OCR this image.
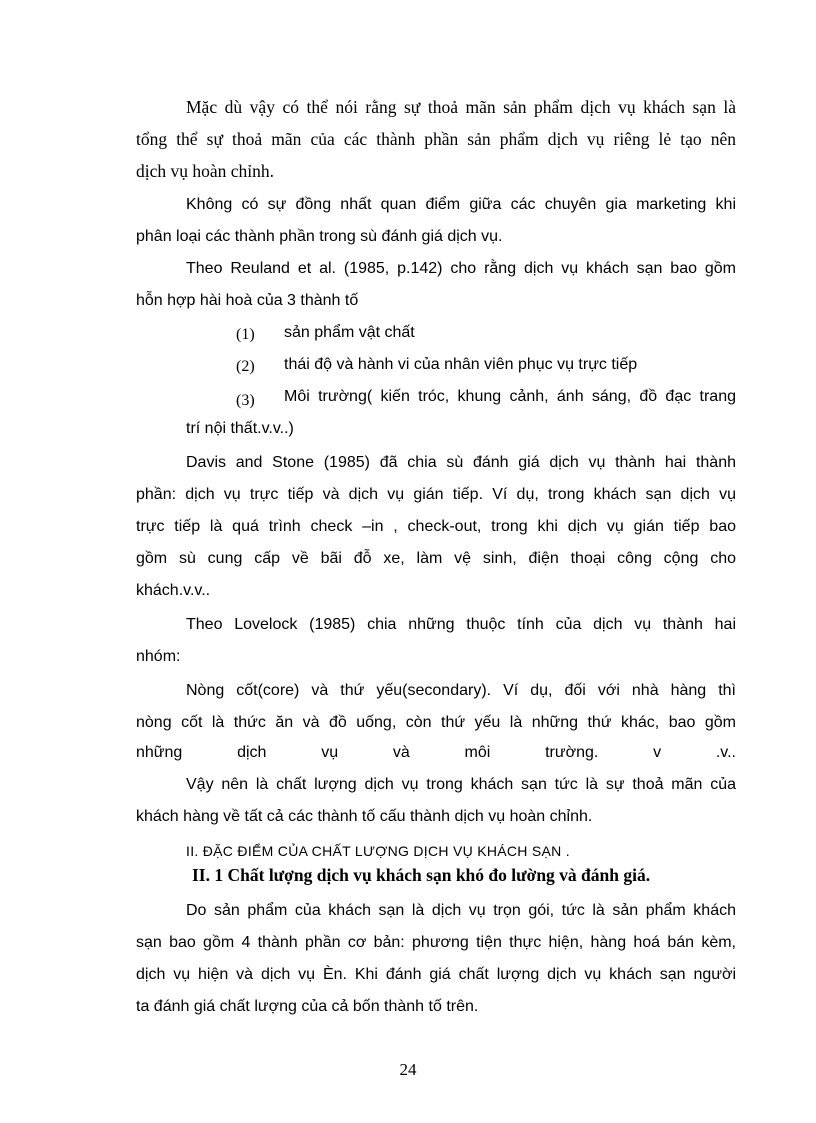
Mặc dù vậy có thể nói rằng sự thoả mãn sản phẩm dịch vụ khách sạn là
tổng thể sự thoả mãn của các thành phần sản phẩm dịch vụ riêng lẻ tạo nên
dịch vụ hoàn chỉnh.
Không có sự đồng nhất quan điểm giữa các chuyên gia marketing khi
phân loại các thành phần trong sù đánh giá dịch vụ.
Theo Reuland et al. (1985, p.142) cho rằng dịch vụ khách sạn bao gồm
hỗn hợp hài hoà của 3 thành tố
(1) sản phẩm vật chất
(2) thái độ và hành vi của nhân viên phục vụ trực tiếp
(3) Môi trường( kiến tróc, khung cảnh, ánh sáng, đồ đạc trang
trí nội thất.v.v..)
Davis and Stone (1985) đã chia sù đánh giá dịch vụ thành hai thành
phần: dịch vụ trực tiếp và dịch vụ gián tiếp. Ví dụ, trong khách sạn dịch vụ
trực tiếp là quá trình check –in , check-out, trong khi dịch vụ gián tiếp bao
gồm sù cung cấp về bãi đỗ xe, làm vệ sinh, điện thoại công cộng cho
khách.v.v..
Theo Lovelock (1985) chia những thuộc tính của dịch vụ thành hai
nhóm:
Nòng cốt(core) và thứ yếu(secondary). Ví dụ, đối với nhà hàng thì
nòng cốt là thức ăn và đồ uống, còn thứ yếu là những thứ khác, bao gồm
những dịch vụ và môi trường. v .v..
Vậy nên là chất lượng dịch vụ trong khách sạn tức là sự thoả mãn của
khách hàng về tất cả các thành tố cấu thành dịch vụ hoàn chỉnh.
II. ĐẶC ĐIỂM CỦA CHẤT LƯỢNG DỊCH VỤ KHÁCH SẠN .
II. 1 Chất lượng dịch vụ khách sạn khó đo lường và đánh giá.
Do sản phẩm của khách sạn là dịch vụ trọn gói, tức là sản phẩm khách
sạn bao gồm 4 thành phần cơ bản: phương tiện thực hiện, hàng hoá bán kèm,
dịch vụ hiện và dịch vụ Èn. Khi đánh giá chất lượng dịch vụ khách sạn người
ta đánh giá chất lượng của cả bốn thành tố trên.
24
